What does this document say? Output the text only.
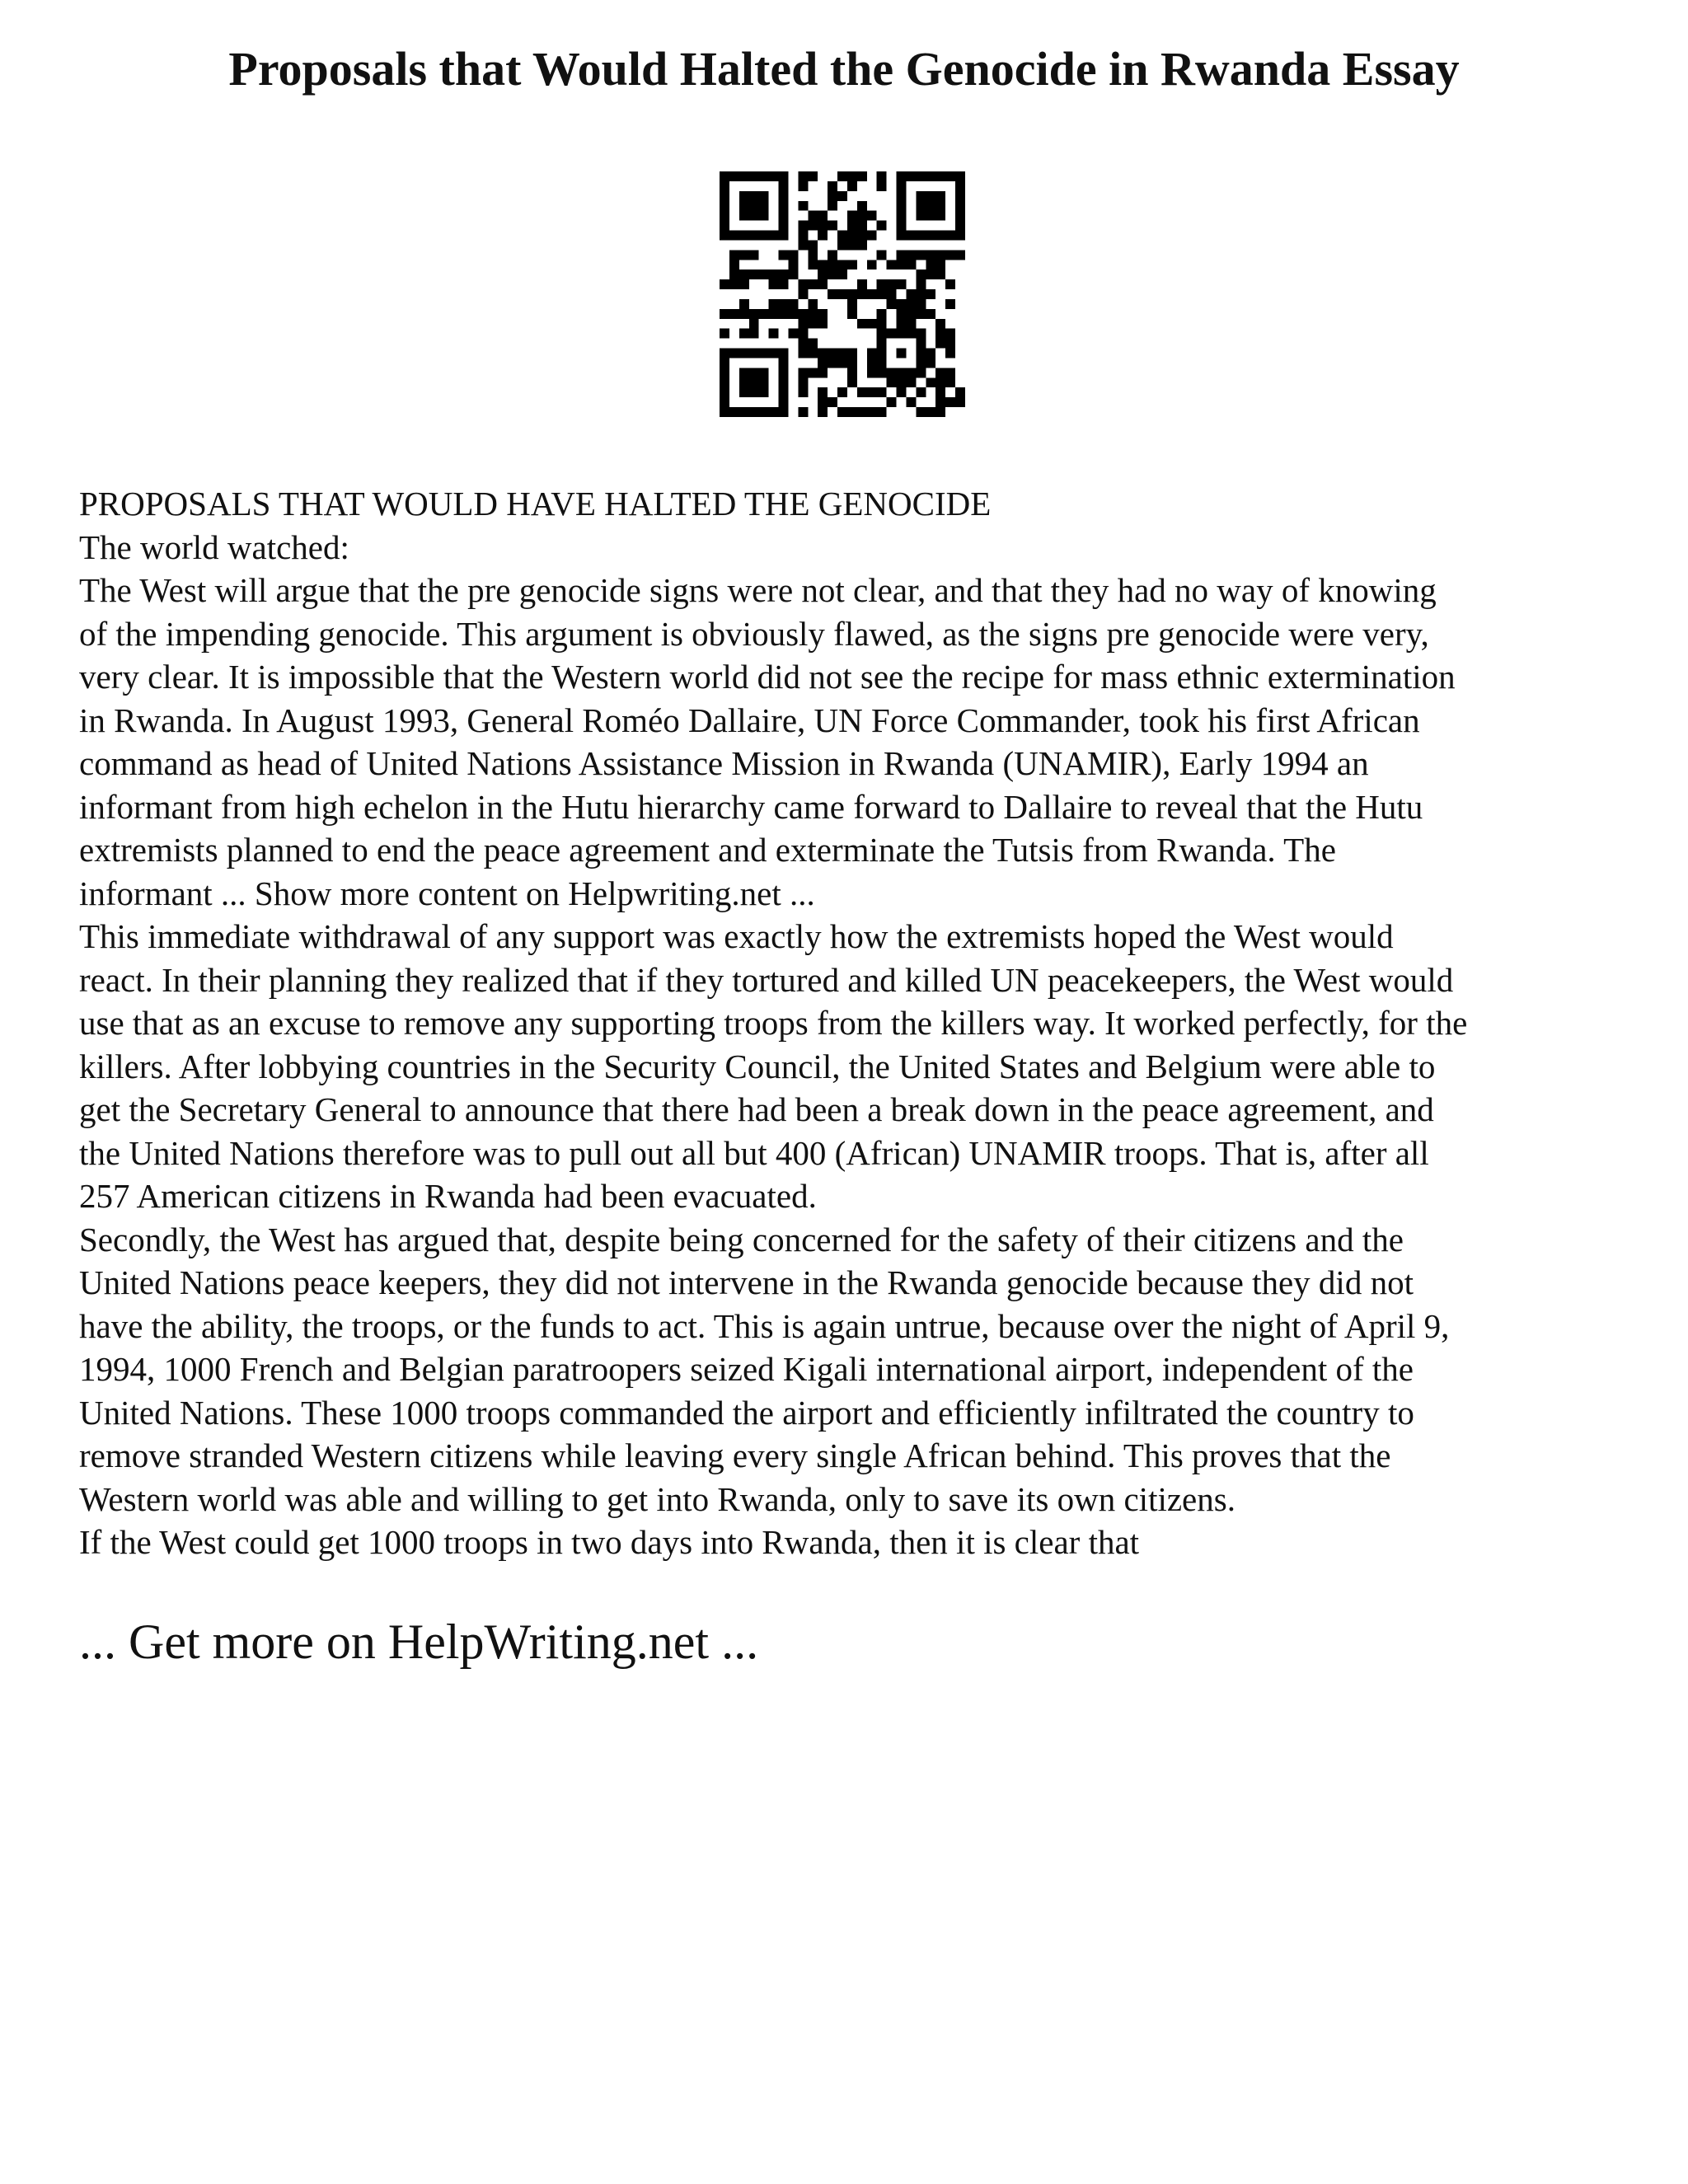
Proposals that Would Halted the Genocide in Rwanda Essay
PROPOSALS THAT WOULD HAVE HALTED THE GENOCIDE
The world watched:
The West will argue that the pre genocide signs were not clear, and that they had no way of knowing
of the impending genocide. This argument is obviously flawed, as the signs pre genocide were very,
very clear. It is impossible that the Western world did not see the recipe for mass ethnic extermination
in Rwanda. In August 1993, General Roméo Dallaire, UN Force Commander, took his first African
command as head of United Nations Assistance Mission in Rwanda (UNAMIR), Early 1994 an
informant from high echelon in the Hutu hierarchy came forward to Dallaire to reveal that the Hutu
extremists planned to end the peace agreement and exterminate the Tutsis from Rwanda. The
informant ... Show more content on Helpwriting.net ...
This immediate withdrawal of any support was exactly how the extremists hoped the West would
react. In their planning they realized that if they tortured and killed UN peacekeepers, the West would
use that as an excuse to remove any supporting troops from the killers way. It worked perfectly, for the
killers. After lobbying countries in the Security Council, the United States and Belgium were able to
get the Secretary General to announce that there had been a break down in the peace agreement, and
the United Nations therefore was to pull out all but 400 (African) UNAMIR troops. That is, after all
257 American citizens in Rwanda had been evacuated.
Secondly, the West has argued that, despite being concerned for the safety of their citizens and the
United Nations peace keepers, they did not intervene in the Rwanda genocide because they did not
have the ability, the troops, or the funds to act. This is again untrue, because over the night of April 9,
1994, 1000 French and Belgian paratroopers seized Kigali international airport, independent of the
United Nations. These 1000 troops commanded the airport and efficiently infiltrated the country to
remove stranded Western citizens while leaving every single African behind. This proves that the
Western world was able and willing to get into Rwanda, only to save its own citizens.
If the West could get 1000 troops in two days into Rwanda, then it is clear that
... Get more on HelpWriting.net ...
